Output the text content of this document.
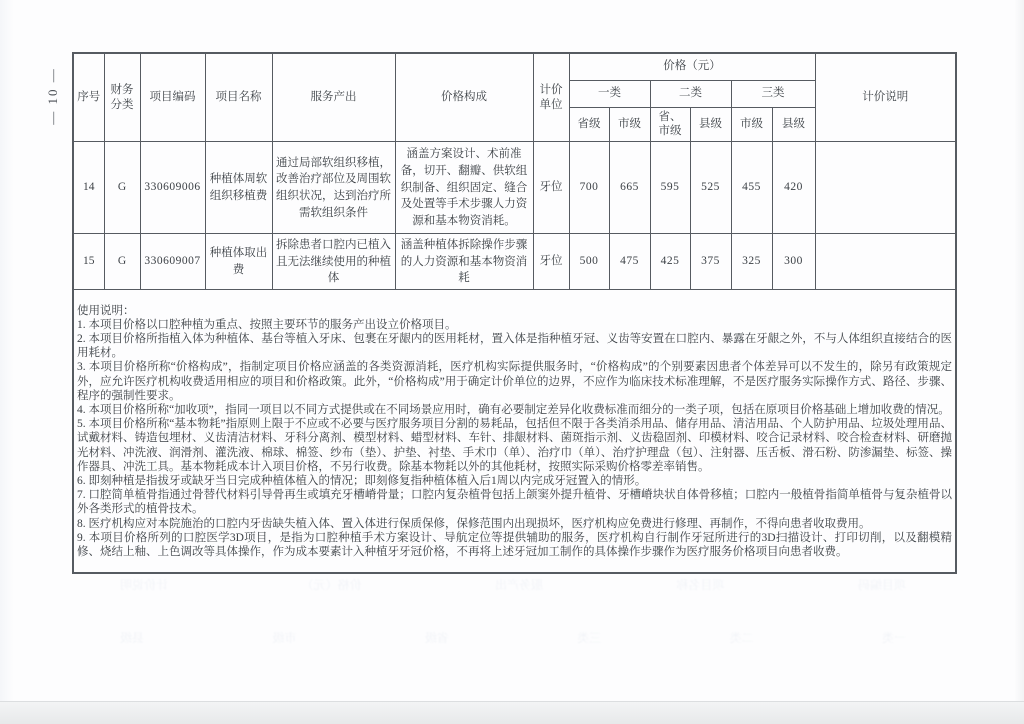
— 10 — 序号	财务分类	项目编码	项目名称	服务产出	价格构成	计价单位	价格（元）						计价说明
							一类		二类		三类		
							省级	市级	省、市级	县级	市级	县级	
14	G	330609006	种植体周软组织移植费	通过局部软组织移植，改善治疗部位及周围软组织状况，达到治疗所需软组织条件	涵盖方案设计、术前准备，切开、翻瓣、供软组织制备、组织固定、缝合及处置等手术步骤人力资源和基本物资消耗。	牙位	700	665	595	525	455	420	
15	G	330609007	种植体取出费	拆除患者口腔内已植入且无法继续使用的种植体	涵盖种植体拆除操作步骤的人力资源和基本物资消耗	牙位	500	475	425	375	325	300	

使用说明：
1. 本项目价格以口腔种植为重点、按照主要环节的服务产出设立价格项目。
2. 本项目价格所指植入体为种植体、基台等植入牙床、包裹在牙龈内的医用耗材，置入体是指种植牙冠、义齿等安置在口腔内、暴露在牙龈之外，不与人体组织直接结合的医用耗材。
3. 本项目价格所称“价格构成”，指制定项目价格应涵盖的各类资源消耗，医疗机构实际提供服务时，“价格构成”的个别要素因患者个体差异可以不发生的，除另有政策规定外，应允许医疗机构收费适用相应的项目和价格政策。此外，“价格构成”用于确定计价单位的边界，不应作为临床技术标准理解，不是医疗服务实际操作方式、路径、步骤、程序的强制性要求。
4. 本项目价格所称“加收项”，指同一项目以不同方式提供或在不同场景应用时，确有必要制定差异化收费标准而细分的一类子项，包括在原项目价格基础上增加收费的情况。
5. 本项目价格所称“基本物耗”指原则上限于不应或不必要与医疗服务项目分割的易耗品，包括但不限于各类消杀用品、储存用品、清洁用品、个人防护用品、垃圾处理用品、试戴材料、铸造包埋材、义齿清洁材料、牙科分离剂、模型材料、蜡型材料、车针、排龈材料、菌斑指示剂、义齿稳固剂、印模材料、咬合记录材料、咬合检查材料、研磨抛光材料、冲洗液、润滑剂、灌洗液、棉球、棉签、纱布（垫）、护垫、衬垫、手术巾（单）、治疗巾（单）、治疗护理盘（包）、注射器、压舌板、滑石粉、防渗漏垫、标签、操作器具、冲洗工具。基本物耗成本计入项目价格，不另行收费。除基本物耗以外的其他耗材，按照实际采购价格零差率销售。
6. 即刻种植是指拔牙或缺牙当日完成种植体植入的情况；即刻修复指种植体植入后1周以内完成牙冠置入的情形。
7. 口腔简单植骨指通过骨替代材料引导骨再生或填充牙槽嵴骨量；口腔内复杂植骨包括上颌窦外提升植骨、牙槽嵴块状自体骨移植；口腔内一般植骨指简单植骨与复杂植骨以外各类形式的植骨技术。
8. 医疗机构应对本院施治的口腔内牙齿缺失植入体、置入体进行保质保修，保修范围内出现损坏，医疗机构应免费进行修理、再制作，不得向患者收取费用。
9. 本项目价格所列的口腔医学3D项目，是指为口腔种植手术方案设计、导航定位等提供辅助的服务，医疗机构自行制作牙冠所进行的3D扫描设计、打印切削，以及翻模精修、烧结上釉、上色调改等具体操作，作为成本要素计入种植牙牙冠价格，不再将上述牙冠加工制作的具体操作步骤作为医疗服务价格项目向患者收费。
项目编码
项目名称
服务产出
价格（元）
计价说明
一类
二类
三类
省级
市级
县级
